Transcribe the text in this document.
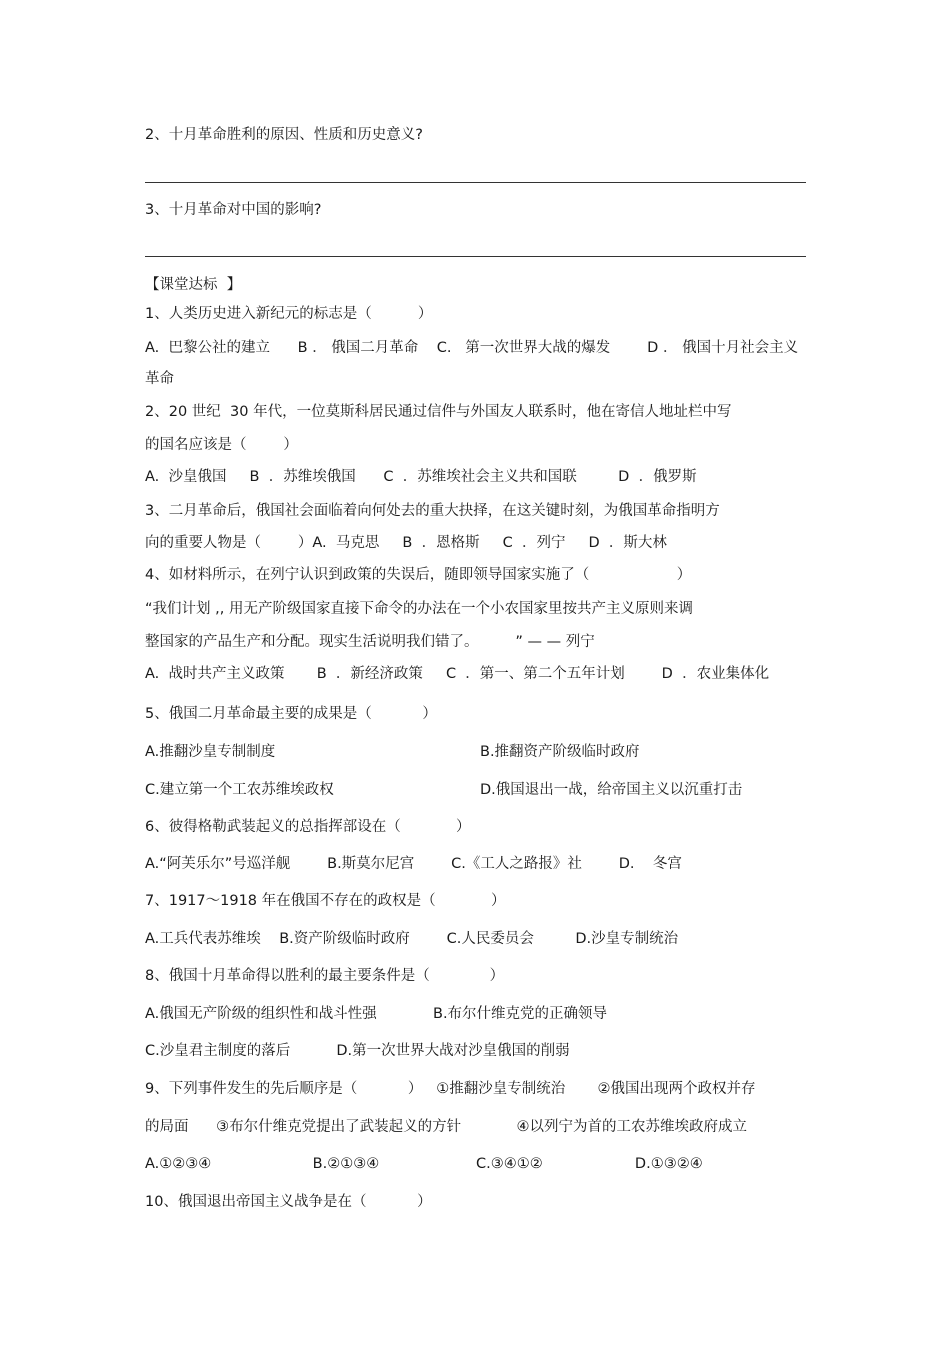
2、十月革命胜利的原因、性质和历史意义?
3、十月革命对中国的影响?
【课堂达标  】
1、人类历史进入新纪元的标志是（          ）
A.  巴黎公社的建立      B ． 俄国二月革命    C.   第一次世界大战的爆发        D ． 俄国十月社会主义
革命
2、20 世纪  30 年代，一位莫斯科居民通过信件与外国友人联系时，他在寄信人地址栏中写
的国名应该是（        ）
A.  沙皇俄国     B  ．苏维埃俄国      C  ．苏维埃社会主义共和国联         D  ．俄罗斯
3、二月革命后，俄国社会面临着向何处去的重大抉择，在这关键时刻，为俄国革命指明方
向的重要人物是（        ）A.  马克思     B  ．恩格斯     C  ．列宁     D  ．斯大林
4、如材料所示，在列宁认识到政策的失误后，随即领导国家实施了（                   ）
“我们计划 ,, 用无产阶级国家直接下命令的办法在一个小农国家里按共产主义原则来调
整国家的产品生产和分配。现实生活说明我们错了。        ” — — 列宁
A.  战时共产主义政策       B  ．新经济政策     C  ．第一、第二个五年计划        D  ．农业集体化
5、俄国二月革命最主要的成果是（           ）
A.推翻沙皇专制制度	B.推翻资产阶级临时政府
C.建立第一个工农苏维埃政权	D.俄国退出一战，给帝国主义以沉重打击
6、彼得格勒武装起义的总指挥部设在（            ）
A.“阿芙乐尔”号巡洋舰        B.斯莫尔尼宫        C.《工人之路报》社        D.    冬宫
7、1917～1918 年在俄国不存在的政权是（            ）
A.工兵代表苏维埃    B.资产阶级临时政府        C.人民委员会         D.沙皇专制统治
8、俄国十月革命得以胜利的最主要条件是（             ）
A.俄国无产阶级的组织性和战斗性强	B.布尔什维克党的正确领导
C.沙皇君主制度的落后          D.第一次世界大战对沙皇俄国的削弱
9、下列事件发生的先后顺序是（           ）   ①推翻沙皇专制统治       ②俄国出现两个政权并存
的局面      ③布尔什维克党提出了武装起义的方针            ④以列宁为首的工农苏维埃政府成立
A.①②③④                      B.②①③④                     C.③④①②                    D.①③②④
10、俄国退出帝国主义战争是在（           ）
